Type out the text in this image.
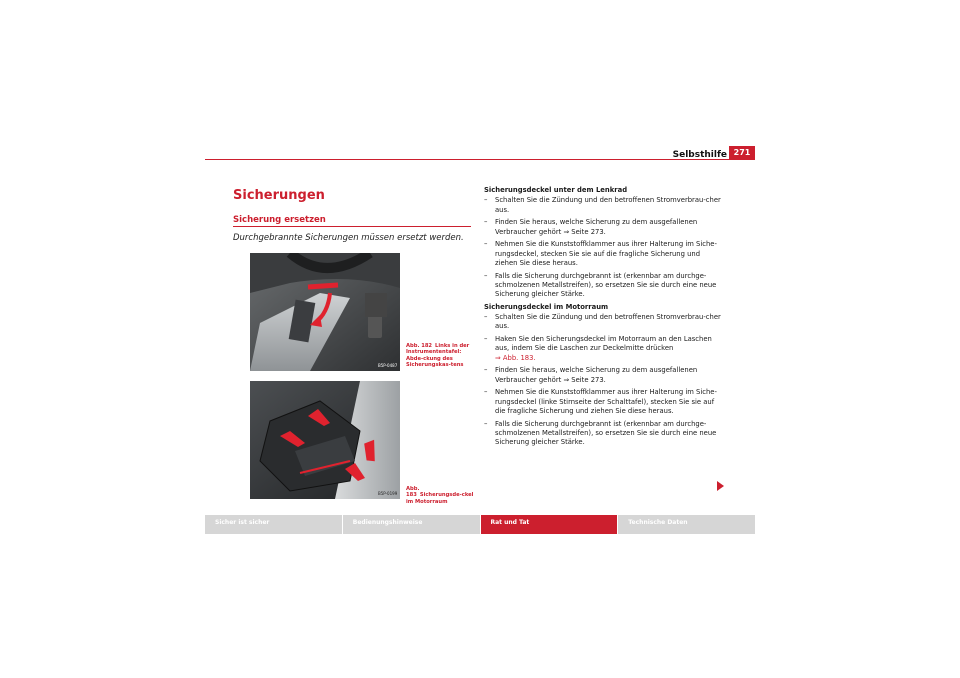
Selbsthilfe 271
Sicherungen
Sicherung ersetzen
Durchgebrannte Sicherungen müssen ersetzt werden.
B5P-0487
Abb. 182 Links in der Instrumententafel: Abde-ckung des Sicherungskas-tens
B5P-0199
Abb. 183 Sicherungsde-ckel im Motorraum
Sicherungsdeckel unter dem Lenkrad
– Schalten Sie die Zündung und den betroffenen Stromverbrau-cher aus.
– Finden Sie heraus, welche Sicherung zu dem ausgefallenen Verbraucher gehört ⇒ Seite 273.
– Nehmen Sie die Kunststoffklammer aus ihrer Halterung im Siche-rungsdeckel, stecken Sie sie auf die fragliche Sicherung und ziehen Sie diese heraus.
– Falls die Sicherung durchgebrannt ist (erkennbar am durchge-schmolzenen Metallstreifen), so ersetzen Sie sie durch eine neue Sicherung gleicher Stärke.
Sicherungsdeckel im Motorraum
– Schalten Sie die Zündung und den betroffenen Stromverbrau-cher aus.
– Haken Sie den Sicherungsdeckel im Motorraum an den Laschen aus, indem Sie die Laschen zur Deckelmitte drücken
⇒ Abb. 183.
– Finden Sie heraus, welche Sicherung zu dem ausgefallenen Verbraucher gehört ⇒ Seite 273.
– Nehmen Sie die Kunststoffklammer aus ihrer Halterung im Siche-rungsdeckel (linke Stirnseite der Schalttafel), stecken Sie sie auf die fragliche Sicherung und ziehen Sie diese heraus.
– Falls die Sicherung durchgebrannt ist (erkennbar am durchge-schmolzenen Metallstreifen), so ersetzen Sie sie durch eine neue Sicherung gleicher Stärke.
Sicher ist sicher	Bedienungshinweise	Rat und Tat	Technische Daten
